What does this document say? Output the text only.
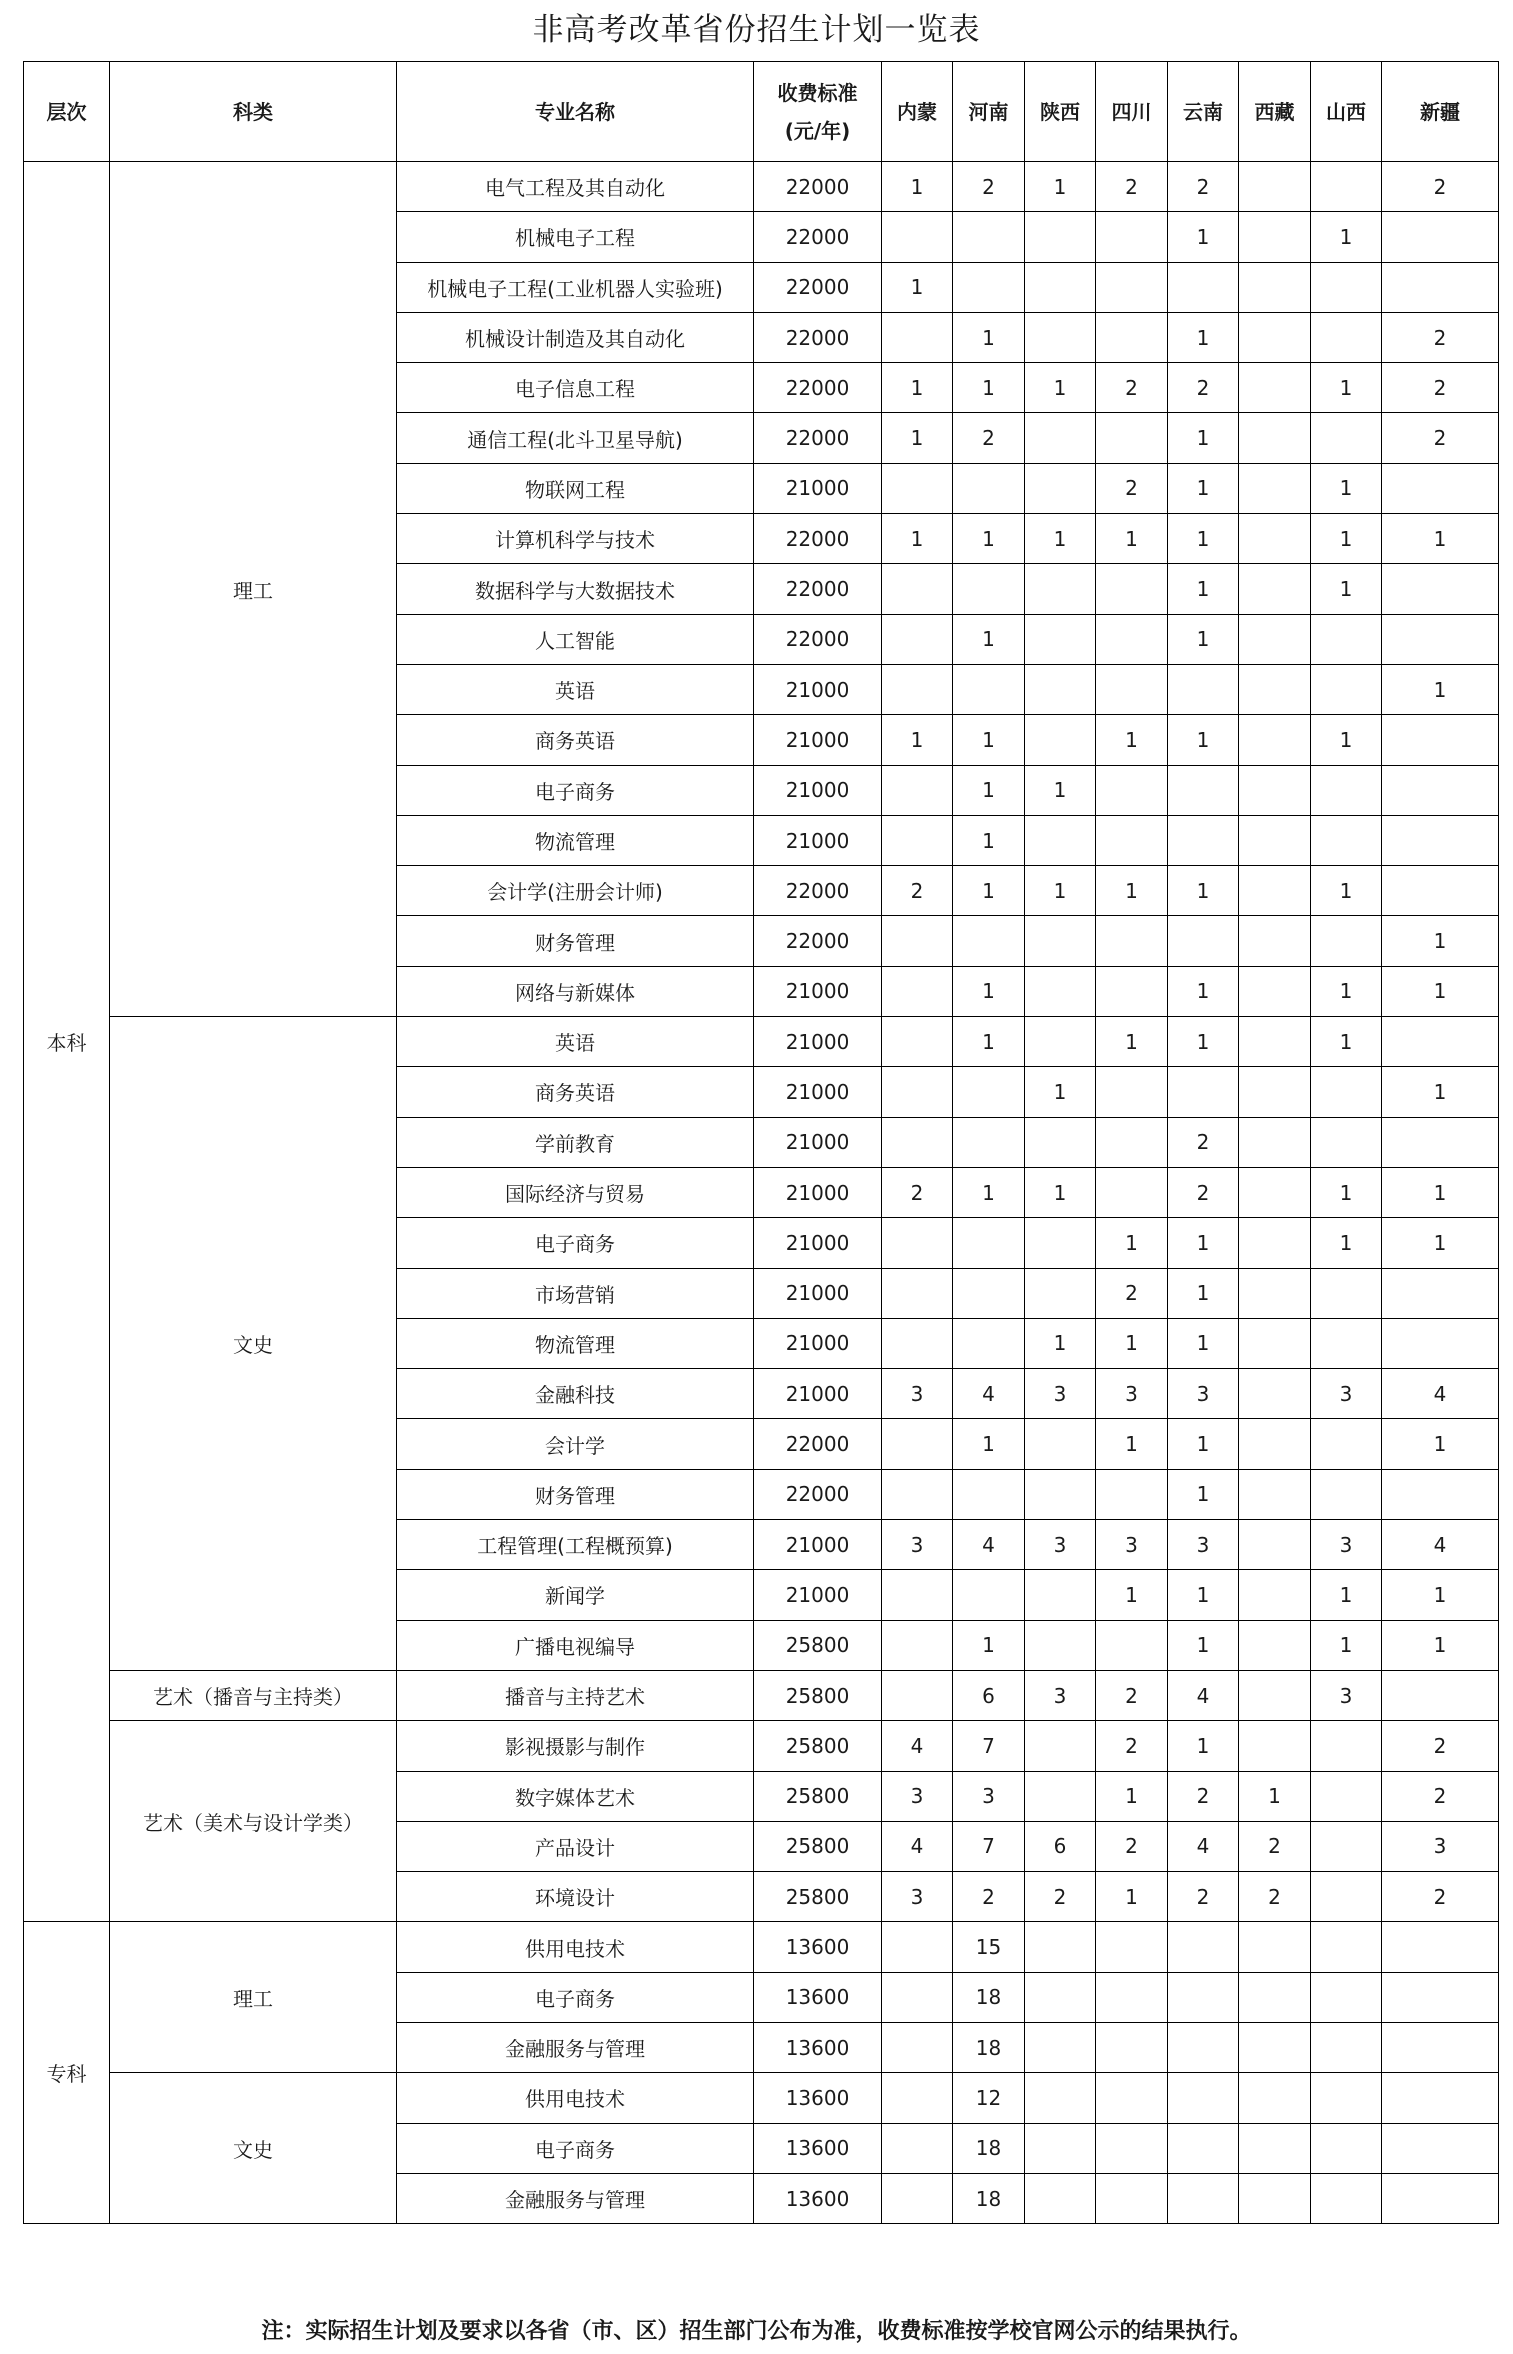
非高考改革省份招生计划一览表
层次	科类	专业名称	收费标准
(元/年)	内蒙	河南	陕西	四川	云南	西藏	山西	新疆
本科	理工	电气工程及其自动化	22000	1	2	1	2	2			2
		机械电子工程	22000					1		1	
		机械电子工程(工业机器人实验班)	22000	1							
		机械设计制造及其自动化	22000		1			1			2
		电子信息工程	22000	1	1	1	2	2		1	2
		通信工程(北斗卫星导航)	22000	1	2			1			2
		物联网工程	21000				2	1		1	
		计算机科学与技术	22000	1	1	1	1	1		1	1
		数据科学与大数据技术	22000					1		1	
		人工智能	22000		1			1			
		英语	21000								1
		商务英语	21000	1	1		1	1		1	
		电子商务	21000		1	1					
		物流管理	21000		1						
		会计学(注册会计师)	22000	2	1	1	1	1		1	
		财务管理	22000								1
		网络与新媒体	21000		1			1		1	1
	文史	英语	21000		1		1	1		1	
		商务英语	21000			1					1
		学前教育	21000					2			
		国际经济与贸易	21000	2	1	1		2		1	1
		电子商务	21000				1	1		1	1
		市场营销	21000				2	1			
		物流管理	21000			1	1	1			
		金融科技	21000	3	4	3	3	3		3	4
		会计学	22000		1		1	1			1
		财务管理	22000					1			
		工程管理(工程概预算)	21000	3	4	3	3	3		3	4
		新闻学	21000				1	1		1	1
		广播电视编导	25800		1			1		1	1
	艺术（播音与主持类）	播音与主持艺术	25800		6	3	2	4		3	
	艺术（美术与设计学类）	影视摄影与制作	25800	4	7		2	1			2
		数字媒体艺术	25800	3	3		1	2	1		2
		产品设计	25800	4	7	6	2	4	2		3
		环境设计	25800	3	2	2	1	2	2		2
专科	理工	供用电技术	13600		15						
		电子商务	13600		18						
		金融服务与管理	13600		18						
	文史	供用电技术	13600		12						
		电子商务	13600		18						
		金融服务与管理	13600		18						
注：实际招生计划及要求以各省（市、区）招生部门公布为准，收费标准按学校官网公示的结果执行。
